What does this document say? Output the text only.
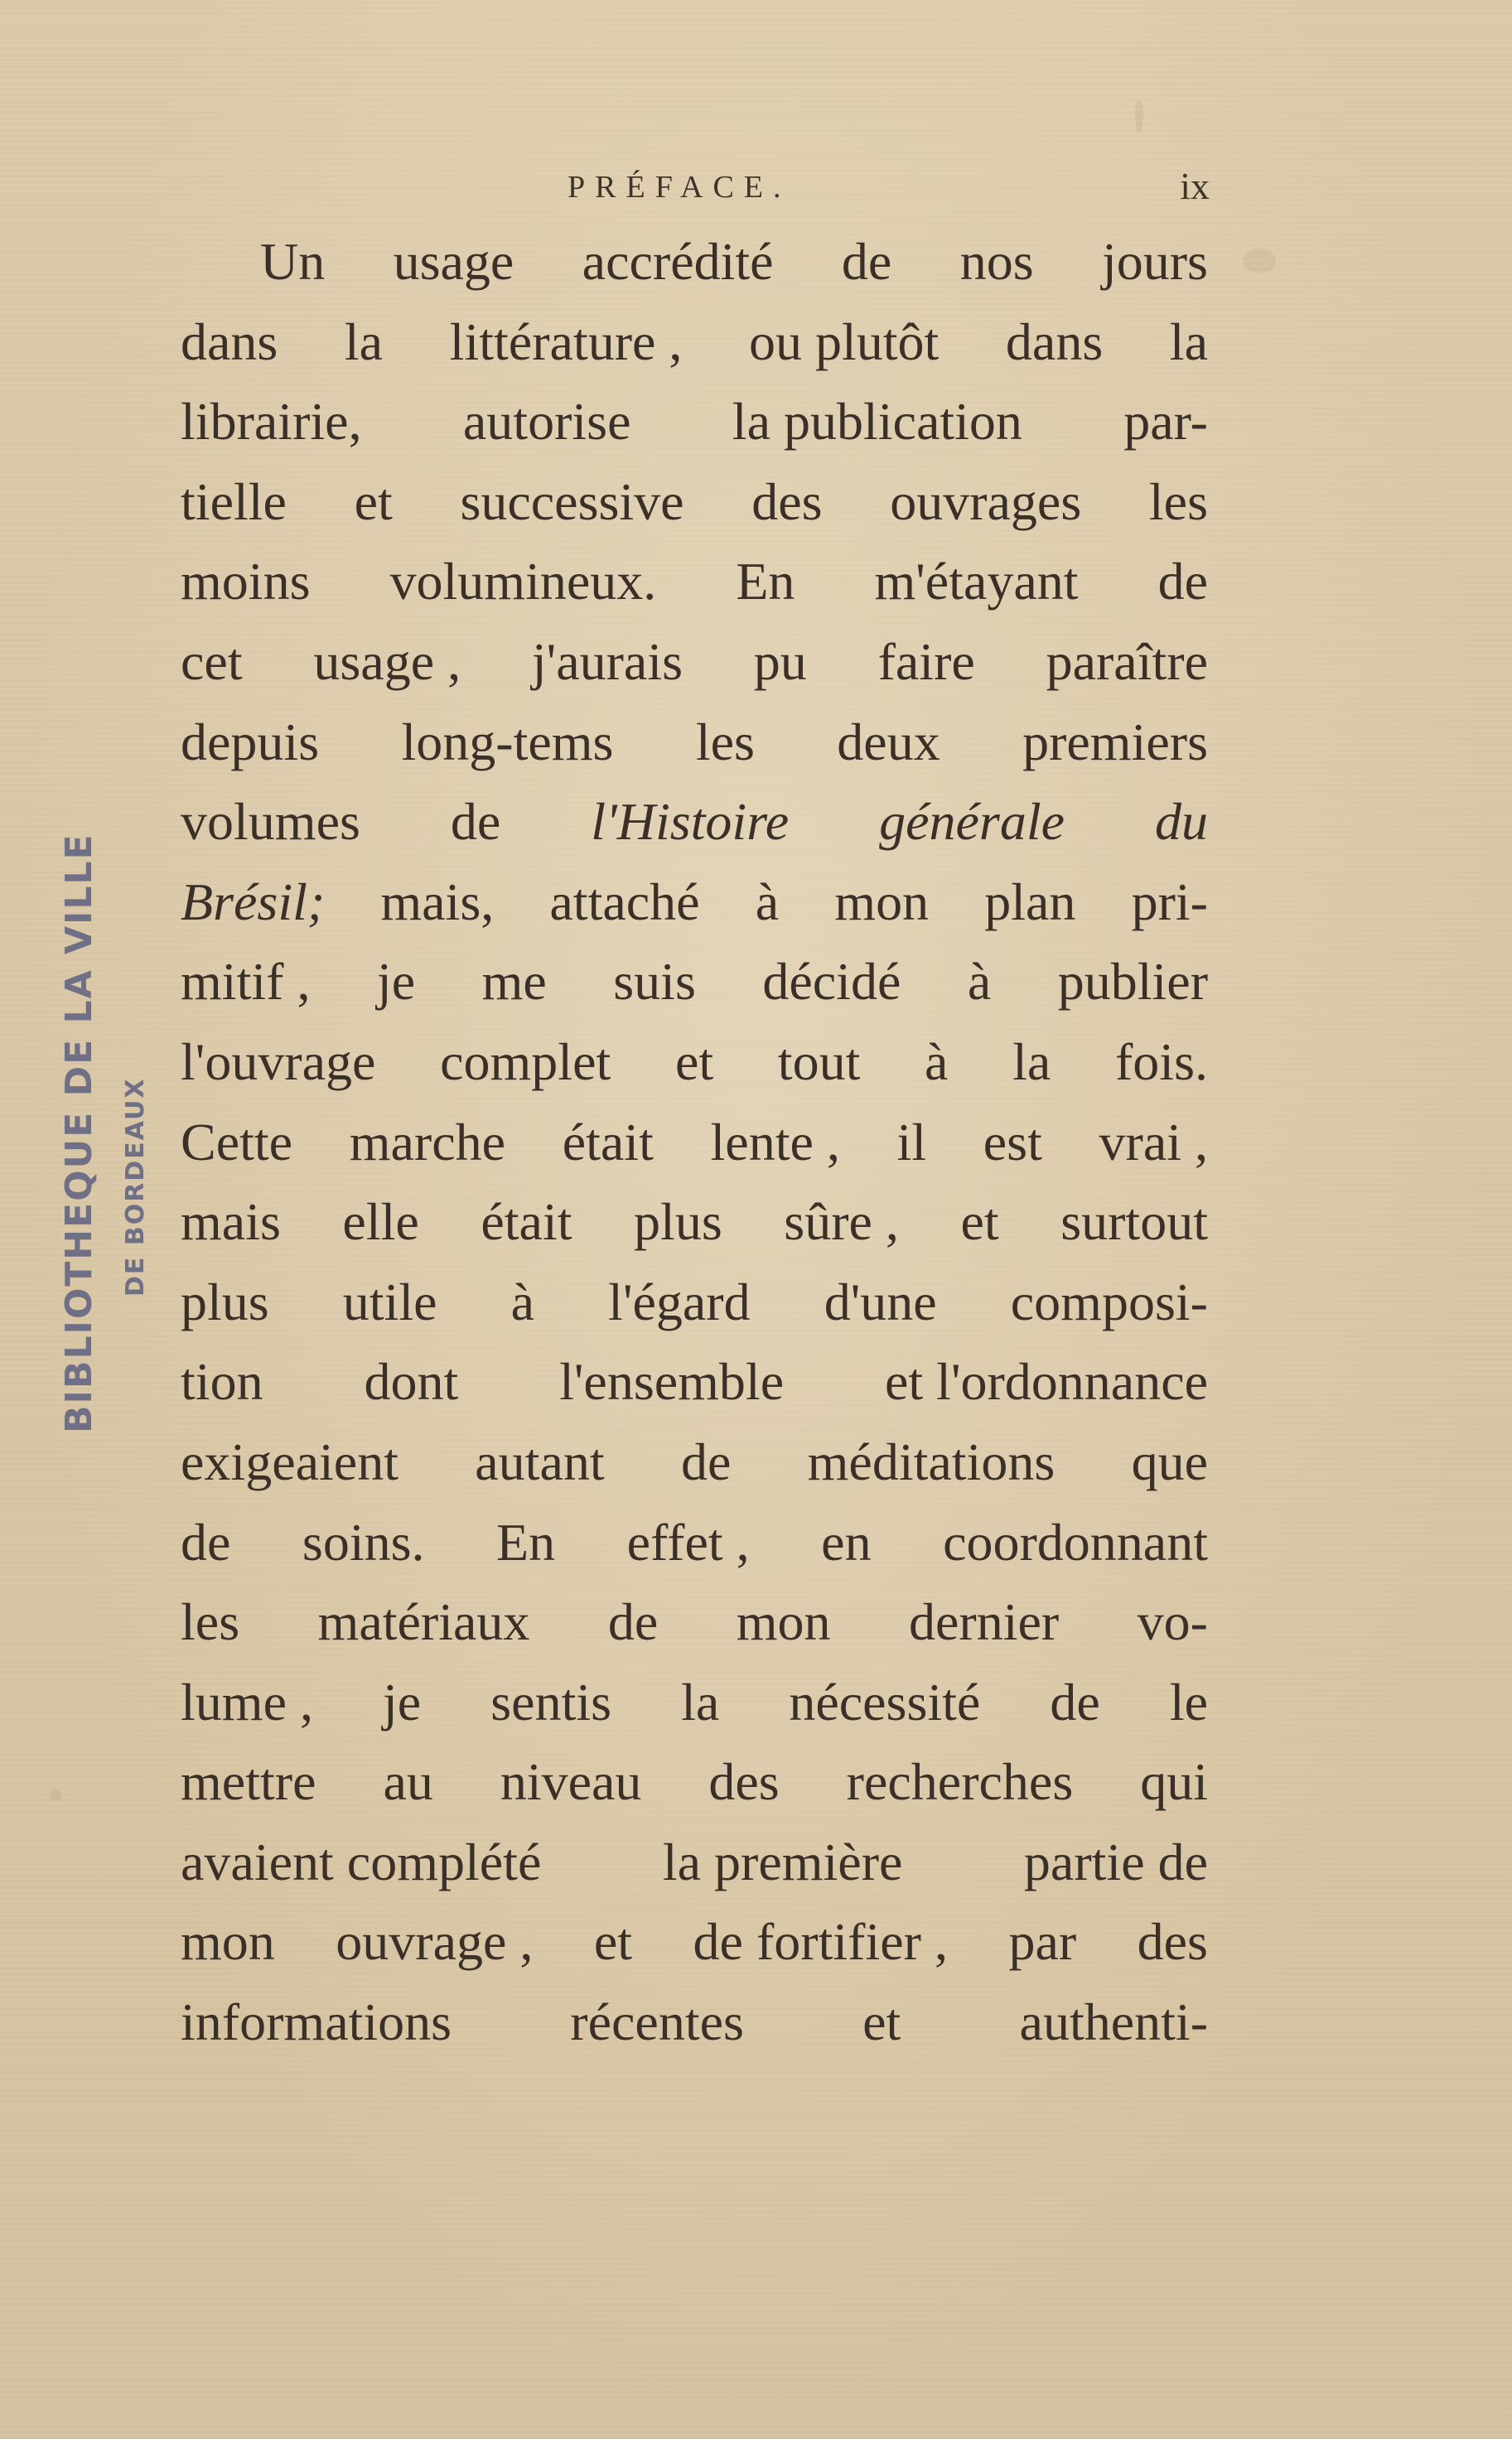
PRÉFACE.	ix
Un usage accrédité de nos jours
dans la littérature , ou plutôt dans la
librairie, autorise la publication par-
tielle et successive des ouvrages les
moins volumineux. En m'étayant de
cet usage , j'aurais pu faire paraître
depuis long-tems les deux premiers
volumes de l'Histoire générale du
Brésil; mais, attaché à mon plan pri-
mitif , je me suis décidé à publier
l'ouvrage complet et tout à la fois.
Cette marche était lente , il est vrai ,
mais elle était plus sûre , et surtout
plus utile à l'égard d'une composi-
tion dont l'ensemble et l'ordonnance
exigeaient autant de méditations que
de soins. En effet , en coordonnant
les matériaux de mon dernier vo-
lume , je sentis la nécessité de le
mettre au niveau des recherches qui
avaient complété la première partie de
mon ouvrage , et de fortifier , par des
informations récentes et authenti-
BIBLIOTHEQUE DE LA VILLE DE BORDEAUX
